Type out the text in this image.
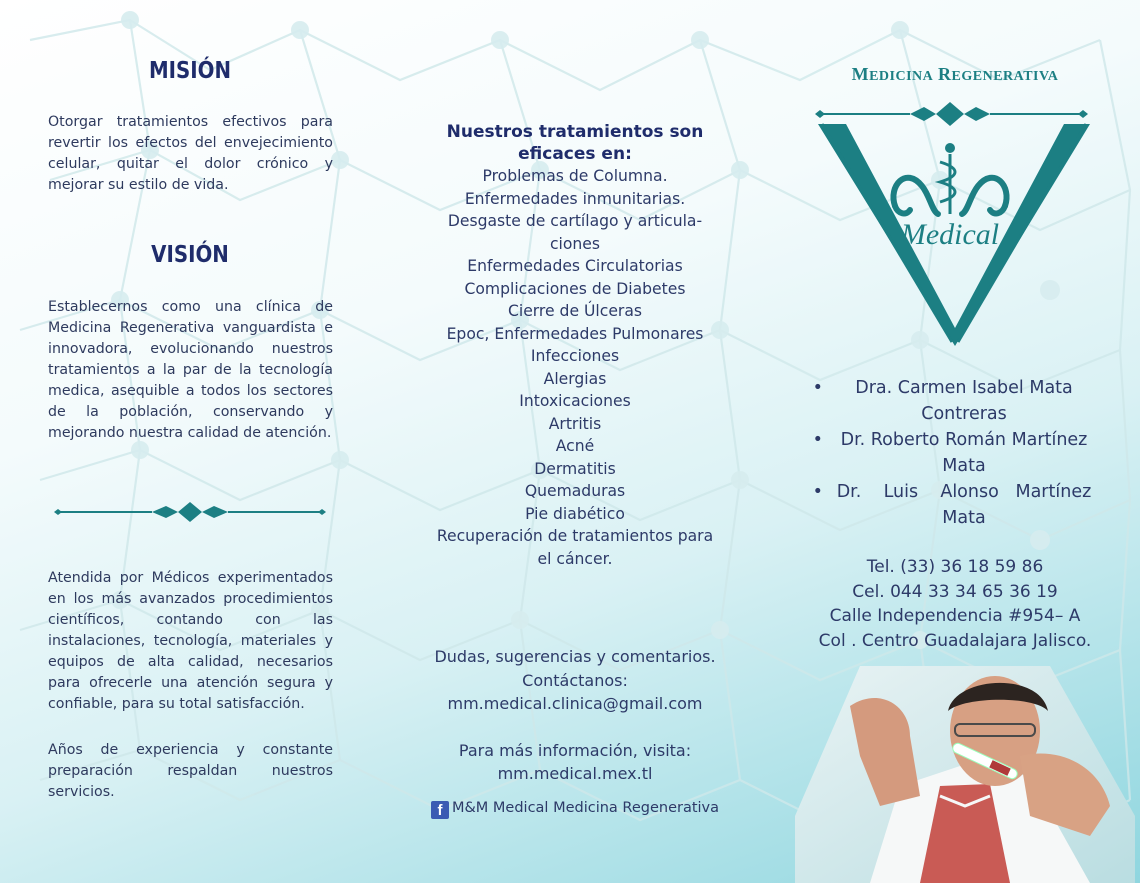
MISIÓN

Otorgar tratamientos efectivos para revertir los efectos del envejecimiento celular, quitar el dolor crónico y mejorar su estilo de vida.

VISIÓN

Establecernos como una clínica de Medicina Regenerativa vanguardista e innovadora, evolucionando nuestros tratamientos a la par de la tecnología medica, asequible a todos los sectores de la población, conservando y mejorando nuestra calidad de atención.

Atendida por Médicos experimentados en los más avanzados procedimientos científicos, contando con las instalaciones, tecnología, materiales y equipos de alta calidad, necesarios para ofrecerle una atención segura y confiable, para su total satisfacción.

Años de experiencia y constante preparación respaldan nuestros servicios.

Nuestros tratamientos son
eficaces en:
Problemas de Columna.
Enfermedades inmunitarias.
Desgaste de cartílago y articula-
ciones
Enfermedades Circulatorias
Complicaciones de Diabetes
Cierre de Úlceras
Epoc, Enfermedades Pulmonares
Infecciones
Alergias
Intoxicaciones
Artritis
Acné
Dermatitis
Quemaduras
Pie diabético
Recuperación de tratamientos para
el cáncer.
Dudas, sugerencias y comentarios.
Contáctanos:
mm.medical.clinica@gmail.com
Para más información, visita:
mm.medical.mex.tl
f M&M Medical Medicina Regenerativa
MEDICINA REGENERATIVA
Medical
•	Dra. Carmen Isabel Mata
Contreras
•	Dr. Roberto Román Martínez
Mata
• Dr.    Luis    Alonso   Martínez
Mata
Tel. (33) 36 18 59 86
Cel. 044 33 34 65 36 19
Calle Independencia #954– A
Col . Centro Guadalajara Jalisco.
